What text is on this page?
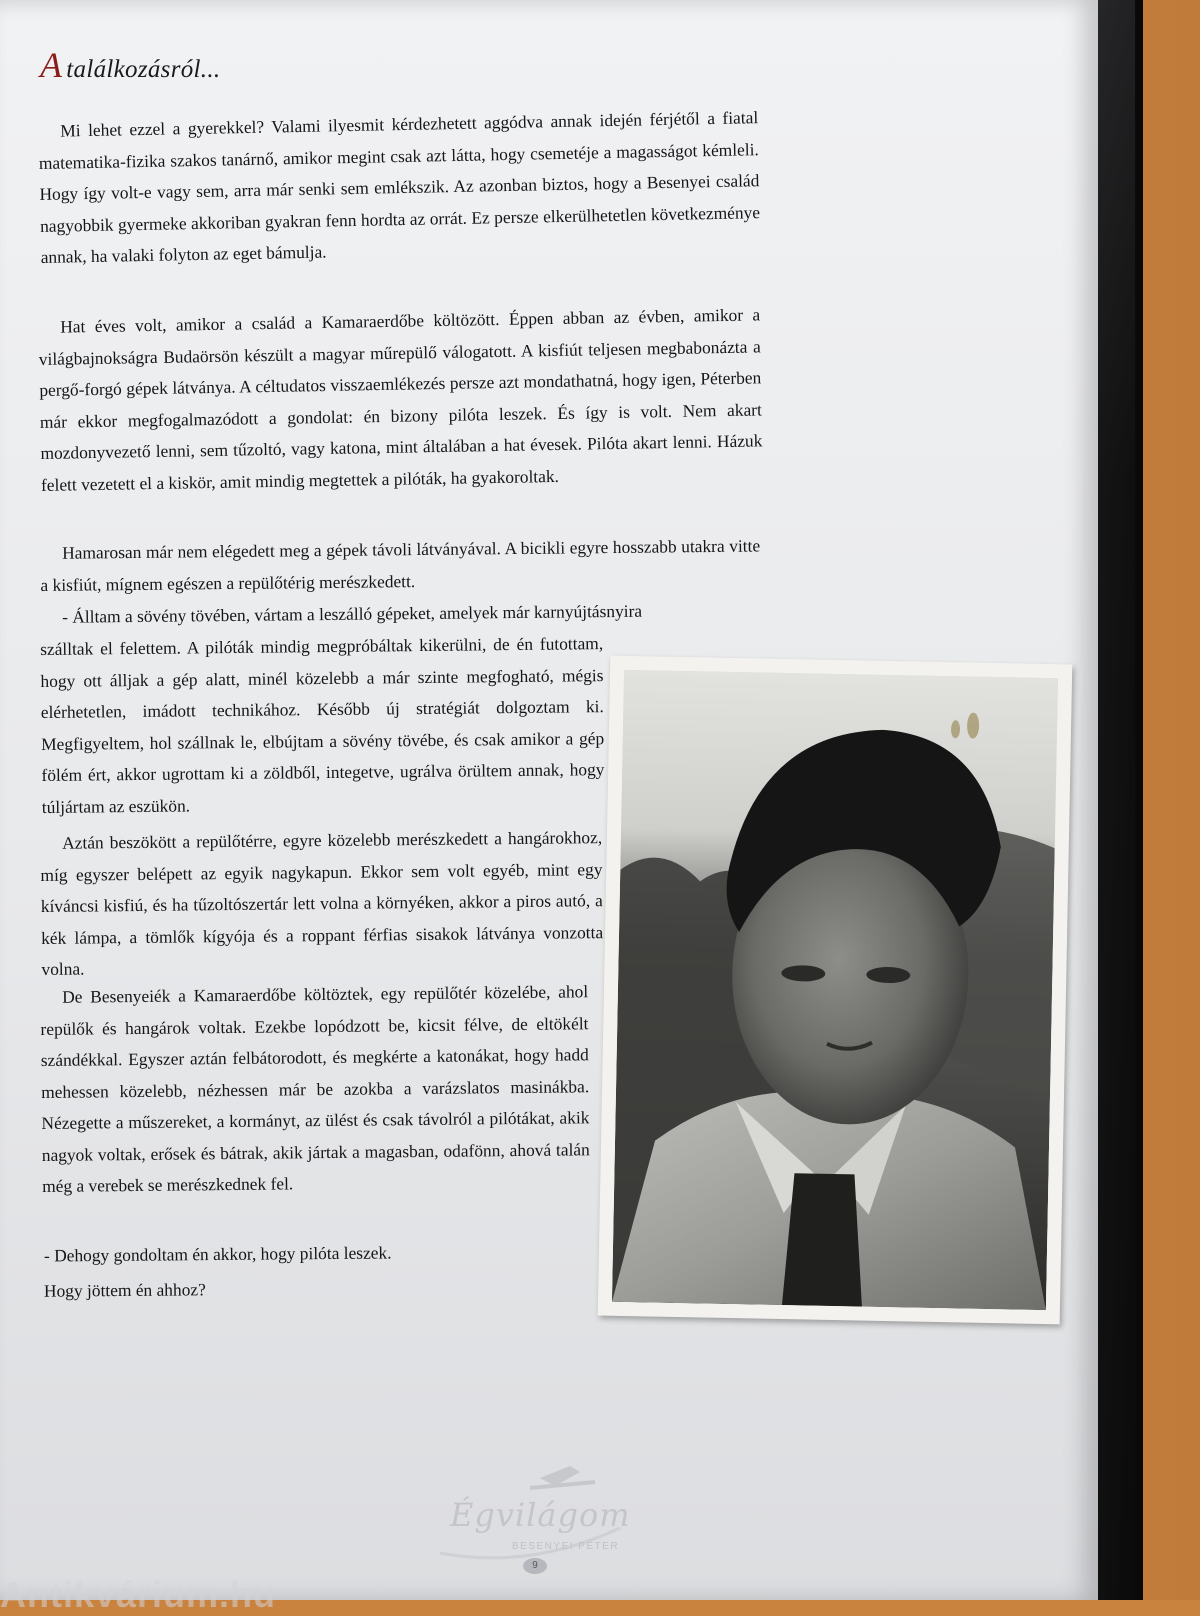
A találkozásról...

Mi lehet ezzel a gyerekkel? Valami ilyesmit kérdezhetett aggódva annak idején férjétől a fiatal matematika-fizika szakos tanárnő, amikor megint csak azt látta, hogy csemetéje a magasságot kémleli. Hogy így volt-e vagy sem, arra már senki sem emlékszik. Az azonban biztos, hogy a Besenyei család nagyobbik gyermeke akkoriban gyakran fenn hordta az orrát. Ez persze elkerülhetetlen következménye annak, ha valaki folyton az eget bámulja.

Hat éves volt, amikor a család a Kamaraerdőbe költözött. Éppen abban az évben, amikor a világbajnokságra Budaörsön készült a magyar műrepülő válogatott. A kisfiút teljesen megbabonázta a pergő-forgó gépek látványa. A céltudatos visszaemlékezés persze azt mondathatná, hogy igen, Péterben már ekkor megfogalmazódott a gondolat: én bizony pilóta leszek. És így is volt. Nem akart mozdonyvezető lenni, sem tűzoltó, vagy katona, mint általában a hat évesek. Pilóta akart lenni. Házuk felett vezetett el a kiskör, amit mindig megtettek a pilóták, ha gyakoroltak.

Hamarosan már nem elégedett meg a gépek távoli látványával. A bicikli egyre hosszabb utakra vitte a kisfiút, mígnem egészen a repülőtérig merészkedett.

- Álltam a sövény tövében, vártam a leszálló gépeket, amelyek már karnyújtásnyira

szálltak el felettem. A pilóták mindig megpróbáltak kikerülni, de én futottam, hogy ott álljak a gép alatt, minél közelebb a már szinte megfogható, mégis elérhetetlen, imádott technikához. Később új stratégiát dolgoztam ki. Megfigyeltem, hol szállnak le, elbújtam a sövény tövébe, és csak amikor a gép fölém ért, akkor ugrottam ki a zöldből, integetve, ugrálva örültem annak, hogy túljártam az eszükön.

Aztán beszökött a repülőtérre, egyre közelebb merészkedett a hangárokhoz, míg egyszer belépett az egyik nagykapun. Ekkor sem volt egyéb, mint egy kíváncsi kisfiú, és ha tűzoltószertár lett volna a környéken, akkor a piros autó, a kék lámpa, a tömlők kígyója és a roppant férfias sisakok látványa vonzotta volna.

De Besenyeiék a Kamaraerdőbe költöztek, egy repülőtér közelébe, ahol repülők és hangárok voltak. Ezekbe lopódzott be, kicsit félve, de eltökélt szándékkal. Egyszer aztán felbátorodott, és megkérte a katonákat, hogy hadd mehessen közelebb, nézhessen már be azokba a varázslatos masinákba. Nézegette a műszereket, a kormányt, az ülést és csak távolról a pilótákat, akik nagyok voltak, erősek és bátrak, akik jártak a magasban, odafönn, ahová talán még a verebek se merészkednek fel.

- Dehogy gondoltam én akkor, hogy pilóta leszek.

Hogy jöttem én ahhoz?

Égvilágom

BESENYEI PÉTER

9

Antikvárium.hu
